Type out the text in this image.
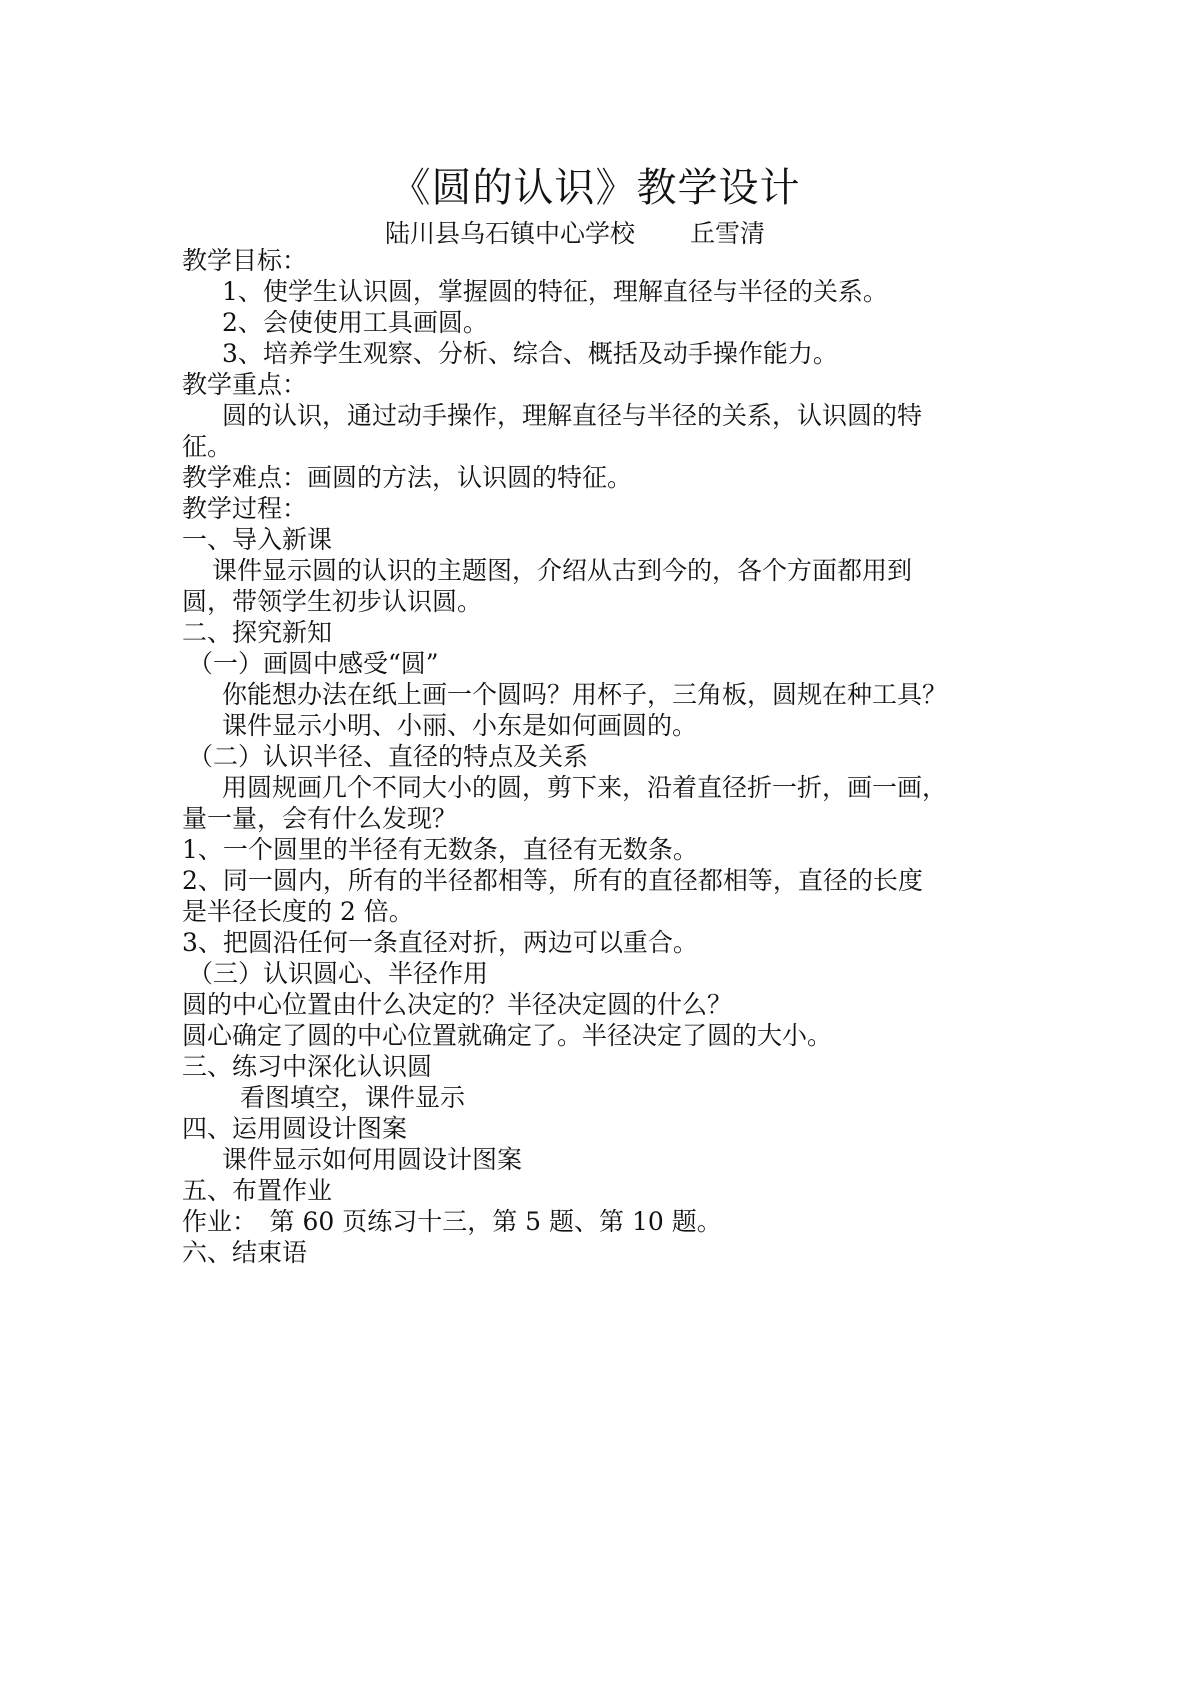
《圆的认识》教学设计
陆川县乌石镇中心学校 丘雪清
教学目标：
1、使学生认识圆，掌握圆的特征，理解直径与半径的关系。
2、会使使用工具画圆。
3、培养学生观察、分析、综合、概括及动手操作能力。
教学重点：
圆的认识，通过动手操作，理解直径与半径的关系，认识圆的特
征。
教学难点：画圆的方法，认识圆的特征。
教学过程：
一、导入新课
课件显示圆的认识的主题图，介绍从古到今的，各个方面都用到
圆，带领学生初步认识圆。
二、探究新知
（一）画圆中感受“圆”
你能想办法在纸上画一个圆吗？用杯子，三角板，圆规在种工具？
课件显示小明、小丽、小东是如何画圆的。
（二）认识半径、直径的特点及关系
用圆规画几个不同大小的圆，剪下来，沿着直径折一折，画一画，
量一量，会有什么发现？
1、一个圆里的半径有无数条，直径有无数条。
2、同一圆内，所有的半径都相等，所有的直径都相等，直径的长度
是半径长度的 2 倍。
3、把圆沿任何一条直径对折，两边可以重合。
（三）认识圆心、半径作用
圆的中心位置由什么决定的？半径决定圆的什么？
圆心确定了圆的中心位置就确定了。半径决定了圆的大小。
三、练习中深化认识圆
看图填空，课件显示
四、运用圆设计图案
课件显示如何用圆设计图案
五、布置作业
作业：　第 60 页练习十三，第 5 题、第 10 题。
六、结束语
